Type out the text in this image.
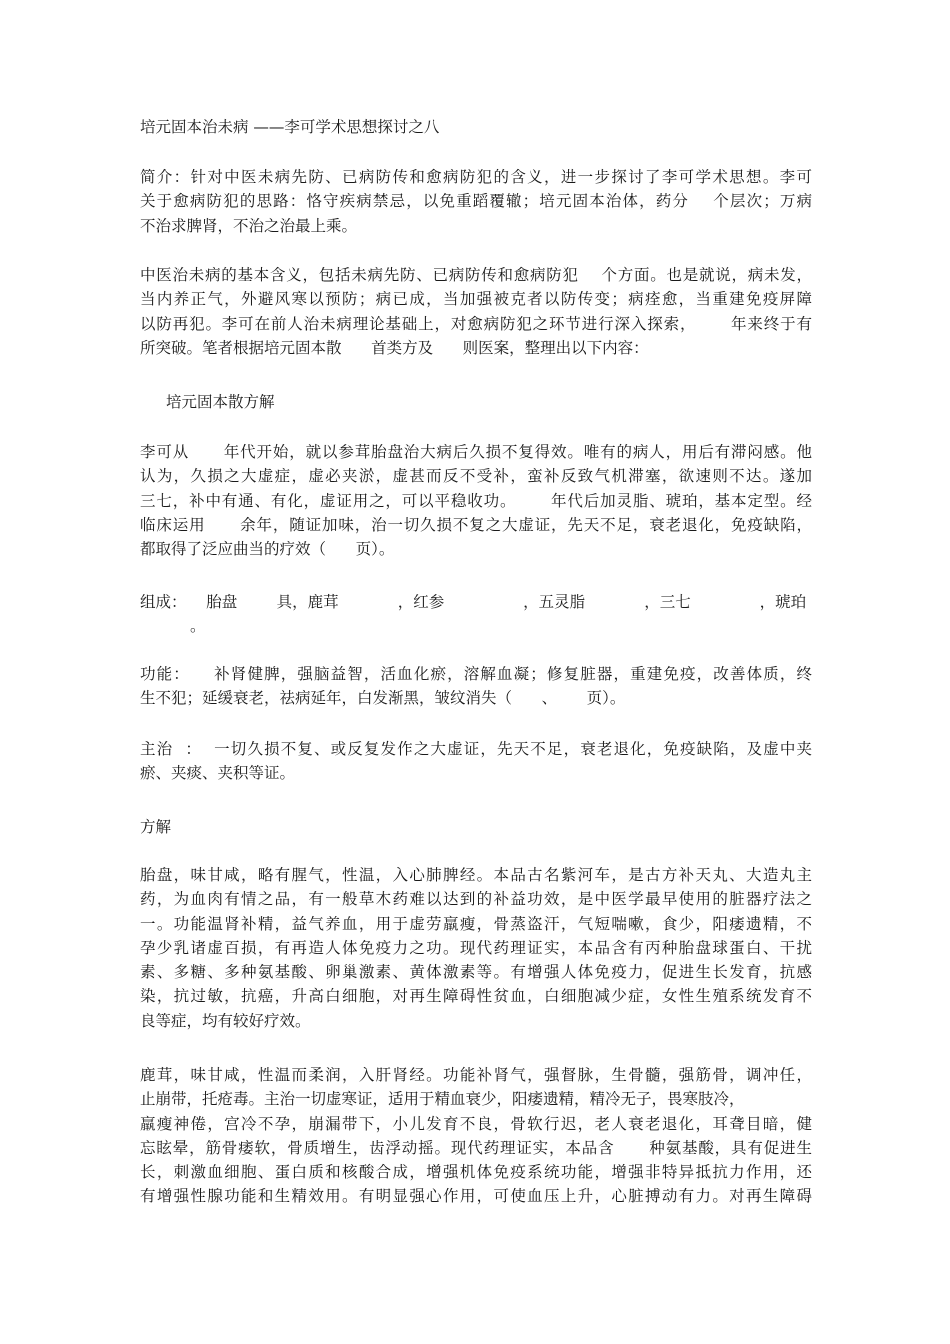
培元固本治未病 ——李可学术思想探讨之八
简介：针对中医未病先防、已病防传和愈病防犯的含义，进一步探讨了李可学术思想。李可
关于愈病防犯的思路：恪守疾病禁忌，以免重蹈覆辙；培元固本治体，药分    个层次；万病
不治求脾肾，不治之治最上乘。
中医治未病的基本含义，包括未病先防、已病防传和愈病防犯    个方面。也是就说，病未发，
当内养正气，外避风寒以预防；病已成，当加强被克者以防传变；病痊愈，当重建免疫屏障
以防再犯。李可在前人治未病理论基础上，对愈病防犯之环节进行深入探索，      年来终于有
所突破。笔者根据培元固本散      首类方及      则医案，整理出以下内容：
培元固本散方解
李可从      年代开始，就以参茸胎盘治大病后久损不复得效。唯有的病人，用后有滞闷感。他
认为，久损之大虚症，虚必夹淤，虚甚而反不受补，蛮补反致气机滞塞，欲速则不达。遂加
三七，补中有通、有化，虚证用之，可以平稳收功。      年代后加灵脂、琥珀，基本定型。经
临床运用      余年，随证加味，治一切久损不复之大虚证，先天不足，衰老退化，免疫缺陷，
都取得了泛应曲当的疗效（      页）。
组成：    胎盘        具，鹿茸            ，红参                ，五灵脂            ，三七              ，琥珀
。
功能：    补肾健脾，强脑益智，活血化瘀，溶解血凝；修复脏器，重建免疫，改善体质，终
生不犯；延缓衰老，祛病延年，白发渐黑，皱纹消失（      、      页）。
主治  ：  一切久损不复、或反复发作之大虚证，先天不足，衰老退化，免疫缺陷，及虚中夹
瘀、夹痰、夹积等证。
方解
胎盘，味甘咸，略有腥气，性温，入心肺脾经。本品古名紫河车，是古方补天丸、大造丸主
药，为血肉有情之品，有一般草木药难以达到的补益功效，是中医学最早使用的脏器疗法之
一。功能温肾补精，益气养血，用于虚劳羸瘦，骨蒸盗汗，气短喘嗽，食少，阳痿遗精，不
孕少乳诸虚百损，有再造人体免疫力之功。现代药理证实，本品含有丙种胎盘球蛋白、干扰
素、多糖、多种氨基酸、卵巢激素、黄体激素等。有增强人体免疫力，促进生长发育，抗感
染，抗过敏，抗癌，升高白细胞，对再生障碍性贫血，白细胞减少症，女性生殖系统发育不
良等症，均有较好疗效。
鹿茸，味甘咸，性温而柔润，入肝肾经。功能补肾气，强督脉，生骨髓，强筋骨，调冲任，
止崩带，托疮毒。主治一切虚寒证，适用于精血衰少，阳痿遗精，精冷无子，畏寒肢冷，
羸瘦神倦，宫冷不孕，崩漏带下，小儿发育不良，骨软行迟，老人衰老退化，耳聋目暗，健
忘眩晕，筋骨痿软，骨质增生，齿浮动摇。现代药理证实，本品含      种氨基酸，具有促进生
长，刺激血细胞、蛋白质和核酸合成，增强机体免疫系统功能，增强非特异抵抗力作用，还
有增强性腺功能和生精效用。有明显强心作用，可使血压上升，心脏搏动有力。对再生障碍
